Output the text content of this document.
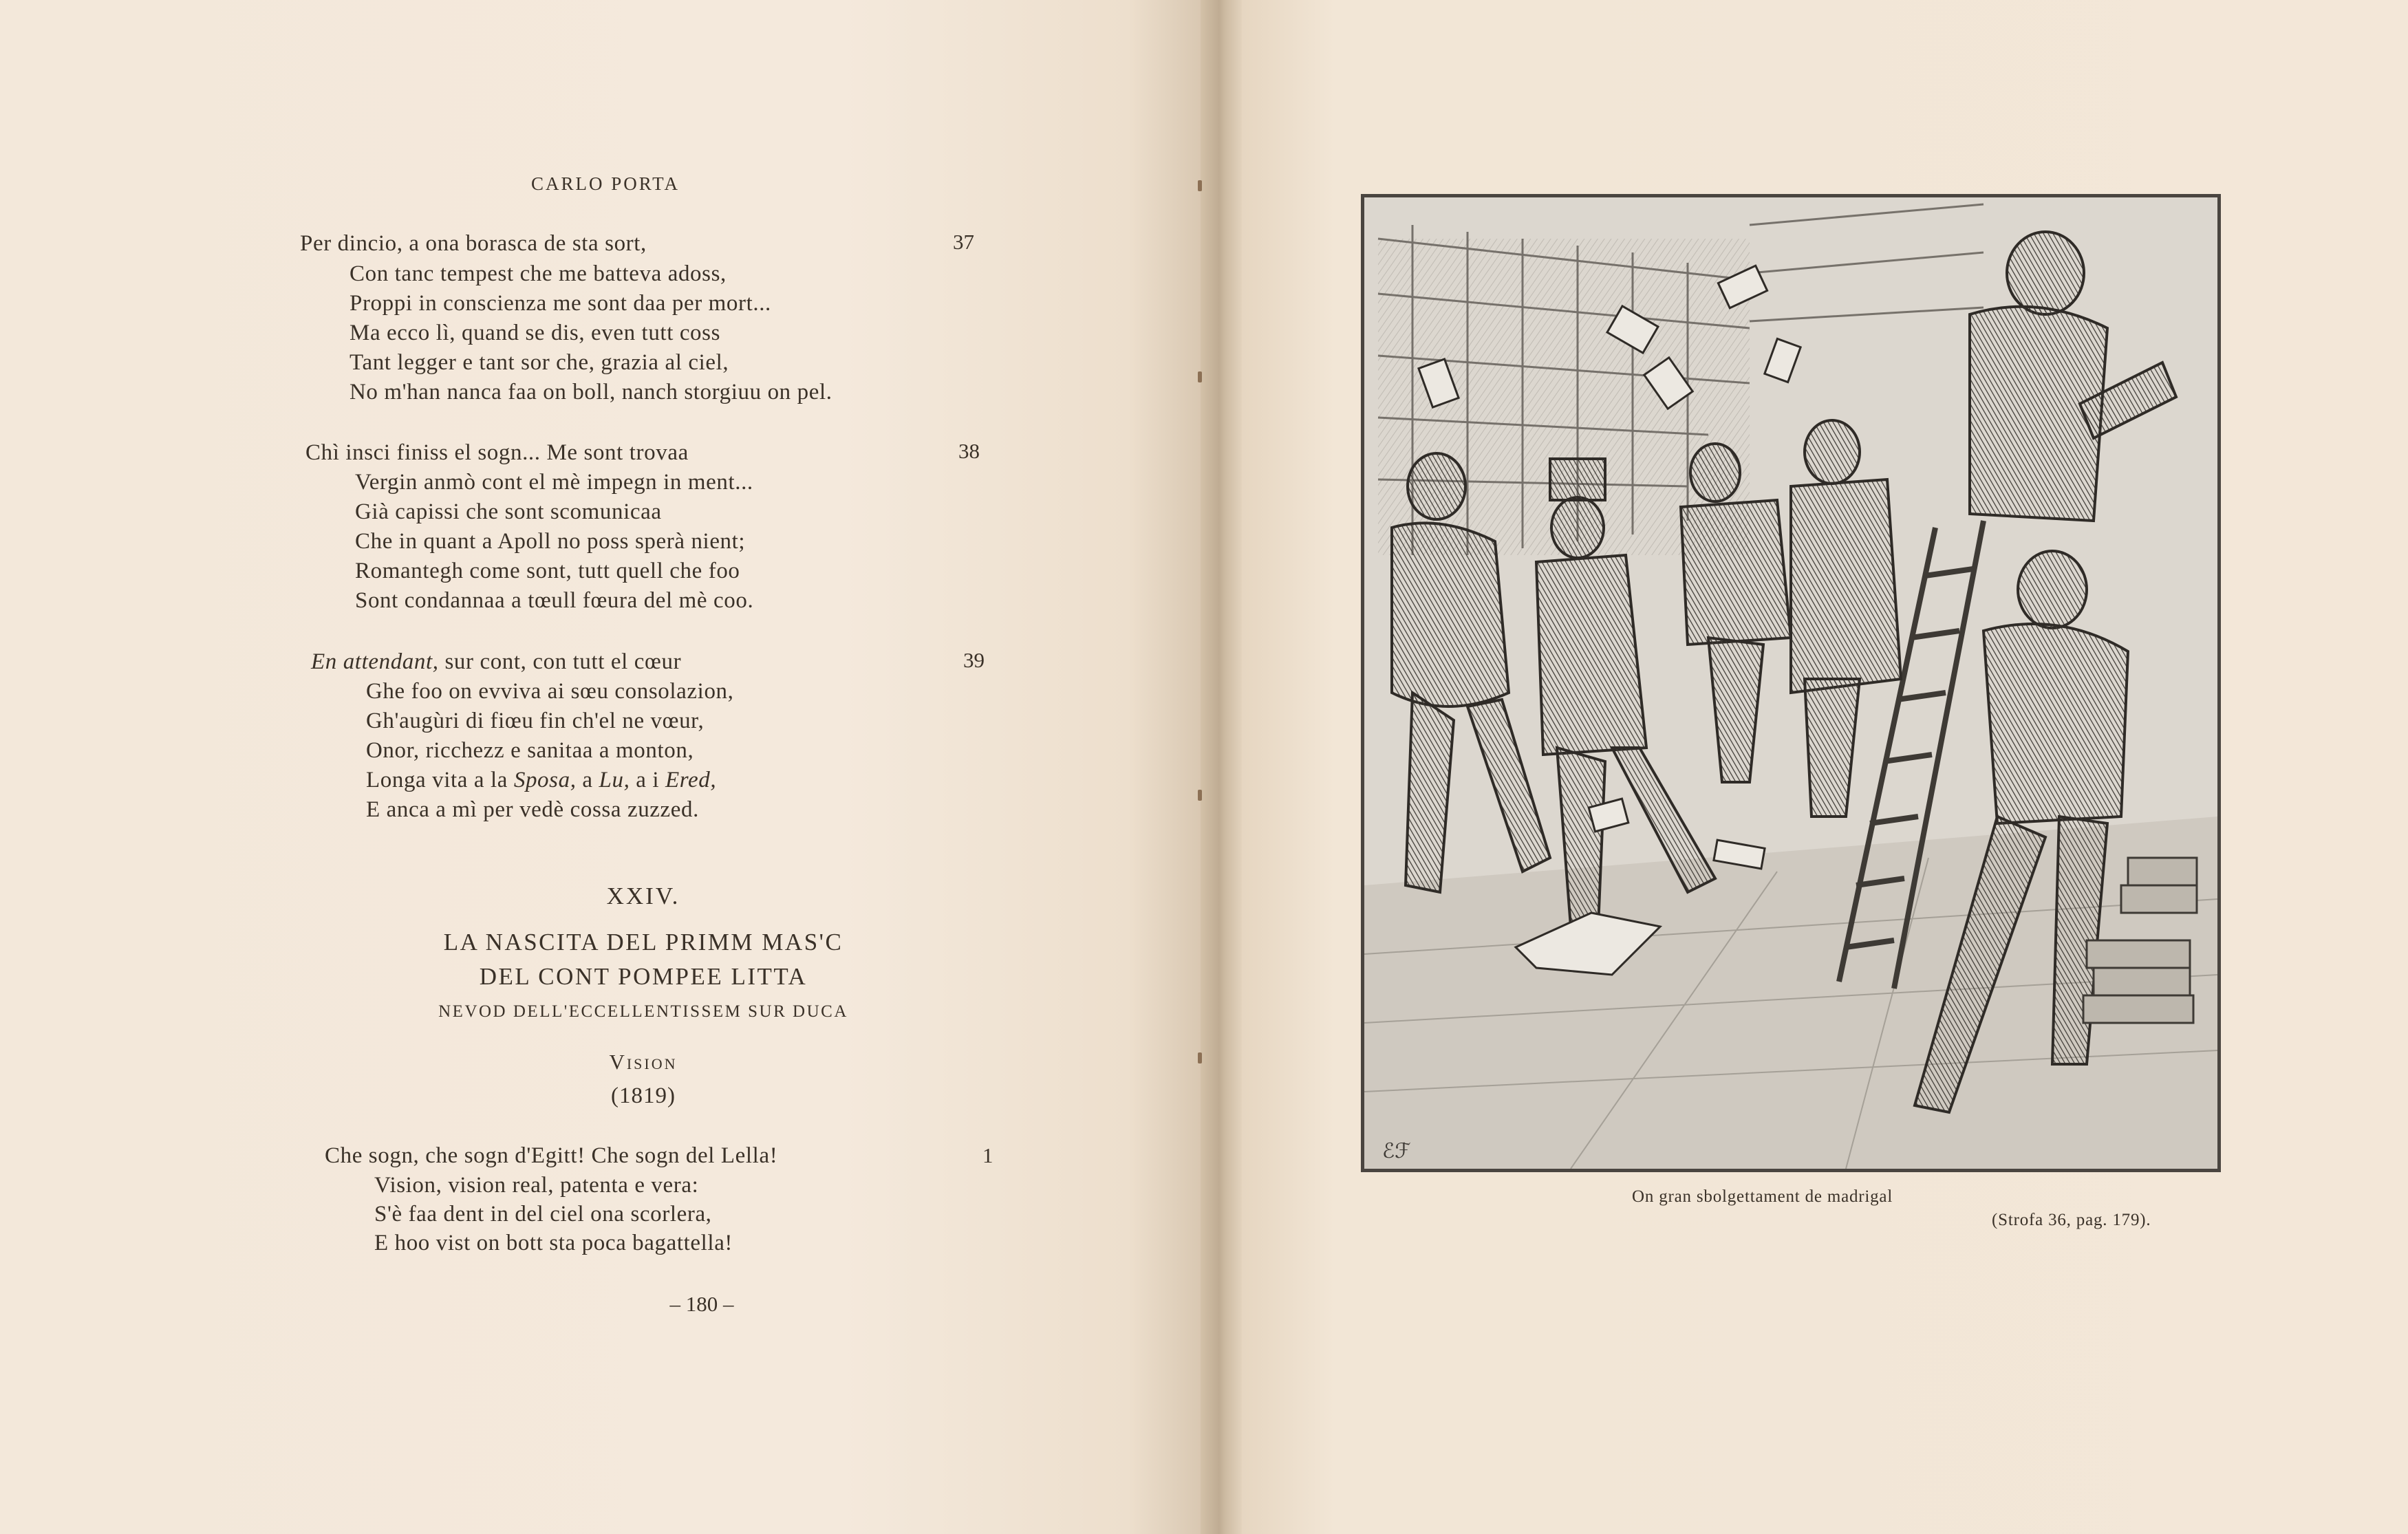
CARLO PORTA
Per dincio, a ona borasca de sta sort,
Con tanc tempest che me batteva adoss,
Proppi in conscienza me sont daa per mort...
Ma ecco lì, quand se dis, even tutt coss
Tant legger e tant sor che, grazia al ciel,
No m'han nanca faa on boll, nanch storgiuu on pel.
37
Chì insci finiss el sogn... Me sont trovaa
Vergin anmò cont el mè impegn in ment...
Già capissi che sont scomunicaa
Che in quant a Apoll no poss sperà nient;
Romantegh come sont, tutt quell che foo
Sont condannaa a tœull fœura del mè coo.
38
En attendant, sur cont, con tutt el cœur
Ghe foo on evviva ai sœu consolazion,
Gh'augùri di fiœu fin ch'el ne vœur,
Onor, ricchezz e sanitaa a monton,
Longa vita a la Sposa, a Lu, a i Ered,
E anca a mì per vedè cossa zuzzed.
39
XXIV.
LA NASCITA DEL PRIMM MAS'C
DEL CONT POMPEE LITTA
NEVOD DELL'ECCELLENTISSEM SUR DUCA
Vision
(1819)
Che sogn, che sogn d'Egitt! Che sogn del Lella!
Vision, vision real, patenta e vera:
S'è faa dent in del ciel ona scorlera,
E hoo vist on bott sta poca bagattella!
1
– 180 –
ℰℱ
On gran sbolgettament de madrigal
(Strofa 36, pag. 179).
